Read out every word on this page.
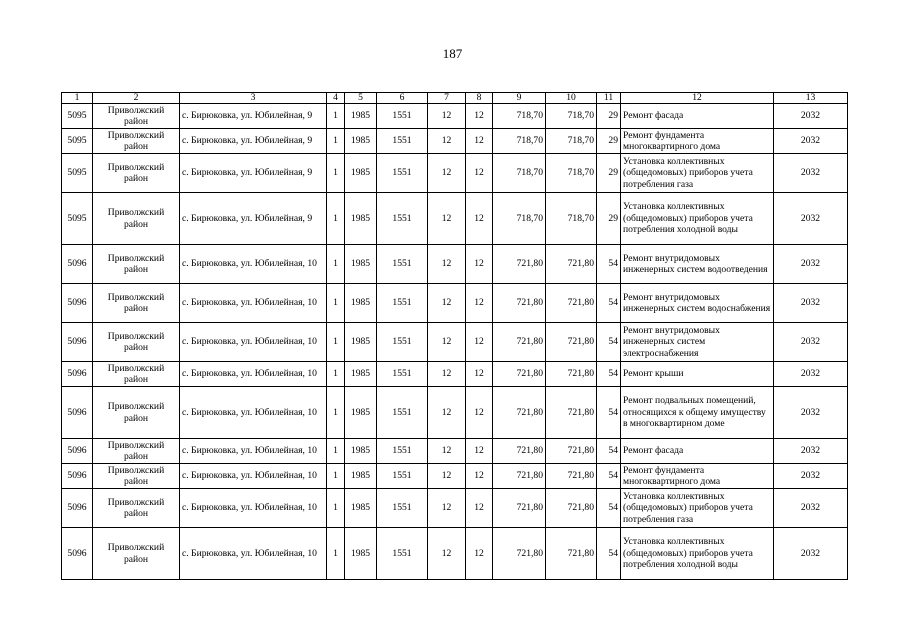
187
1	2	3	4	5	6	7	8	9	10	11	12	13
5095	Приволжский район	с. Бирюковка, ул. Юбилейная, 9	1	1985	1551	12	12	718,70	718,70	29	Ремонт фасада	2032
5095	Приволжский район	с. Бирюковка, ул. Юбилейная, 9	1	1985	1551	12	12	718,70	718,70	29	Ремонт фундамента многоквартирного дома	2032
5095	Приволжский район	с. Бирюковка, ул. Юбилейная, 9	1	1985	1551	12	12	718,70	718,70	29	Установка коллективных (общедомовых) приборов учета потребления газа	2032
5095	Приволжский район	с. Бирюковка, ул. Юбилейная, 9	1	1985	1551	12	12	718,70	718,70	29	Установка коллективных (общедомовых) приборов учета потребления холодной воды	2032
5096	Приволжский район	с. Бирюковка, ул. Юбилейная, 10	1	1985	1551	12	12	721,80	721,80	54	Ремонт внутридомовых инженерных систем водоотведения	2032
5096	Приволжский район	с. Бирюковка, ул. Юбилейная, 10	1	1985	1551	12	12	721,80	721,80	54	Ремонт внутридомовых инженерных систем водоснабжения	2032
5096	Приволжский район	с. Бирюковка, ул. Юбилейная, 10	1	1985	1551	12	12	721,80	721,80	54	Ремонт внутридомовых инженерных систем электроснабжения	2032
5096	Приволжский район	с. Бирюковка, ул. Юбилейная, 10	1	1985	1551	12	12	721,80	721,80	54	Ремонт крыши	2032
5096	Приволжский район	с. Бирюковка, ул. Юбилейная, 10	1	1985	1551	12	12	721,80	721,80	54	Ремонт подвальных помещений, относящихся к общему имуществу в многоквартирном доме	2032
5096	Приволжский район	с. Бирюковка, ул. Юбилейная, 10	1	1985	1551	12	12	721,80	721,80	54	Ремонт фасада	2032
5096	Приволжский район	с. Бирюковка, ул. Юбилейная, 10	1	1985	1551	12	12	721,80	721,80	54	Ремонт фундамента многоквартирного дома	2032
5096	Приволжский район	с. Бирюковка, ул. Юбилейная, 10	1	1985	1551	12	12	721,80	721,80	54	Установка коллективных (общедомовых) приборов учета потребления газа	2032
5096	Приволжский район	с. Бирюковка, ул. Юбилейная, 10	1	1985	1551	12	12	721,80	721,80	54	Установка коллективных (общедомовых) приборов учета потребления холодной воды	2032
